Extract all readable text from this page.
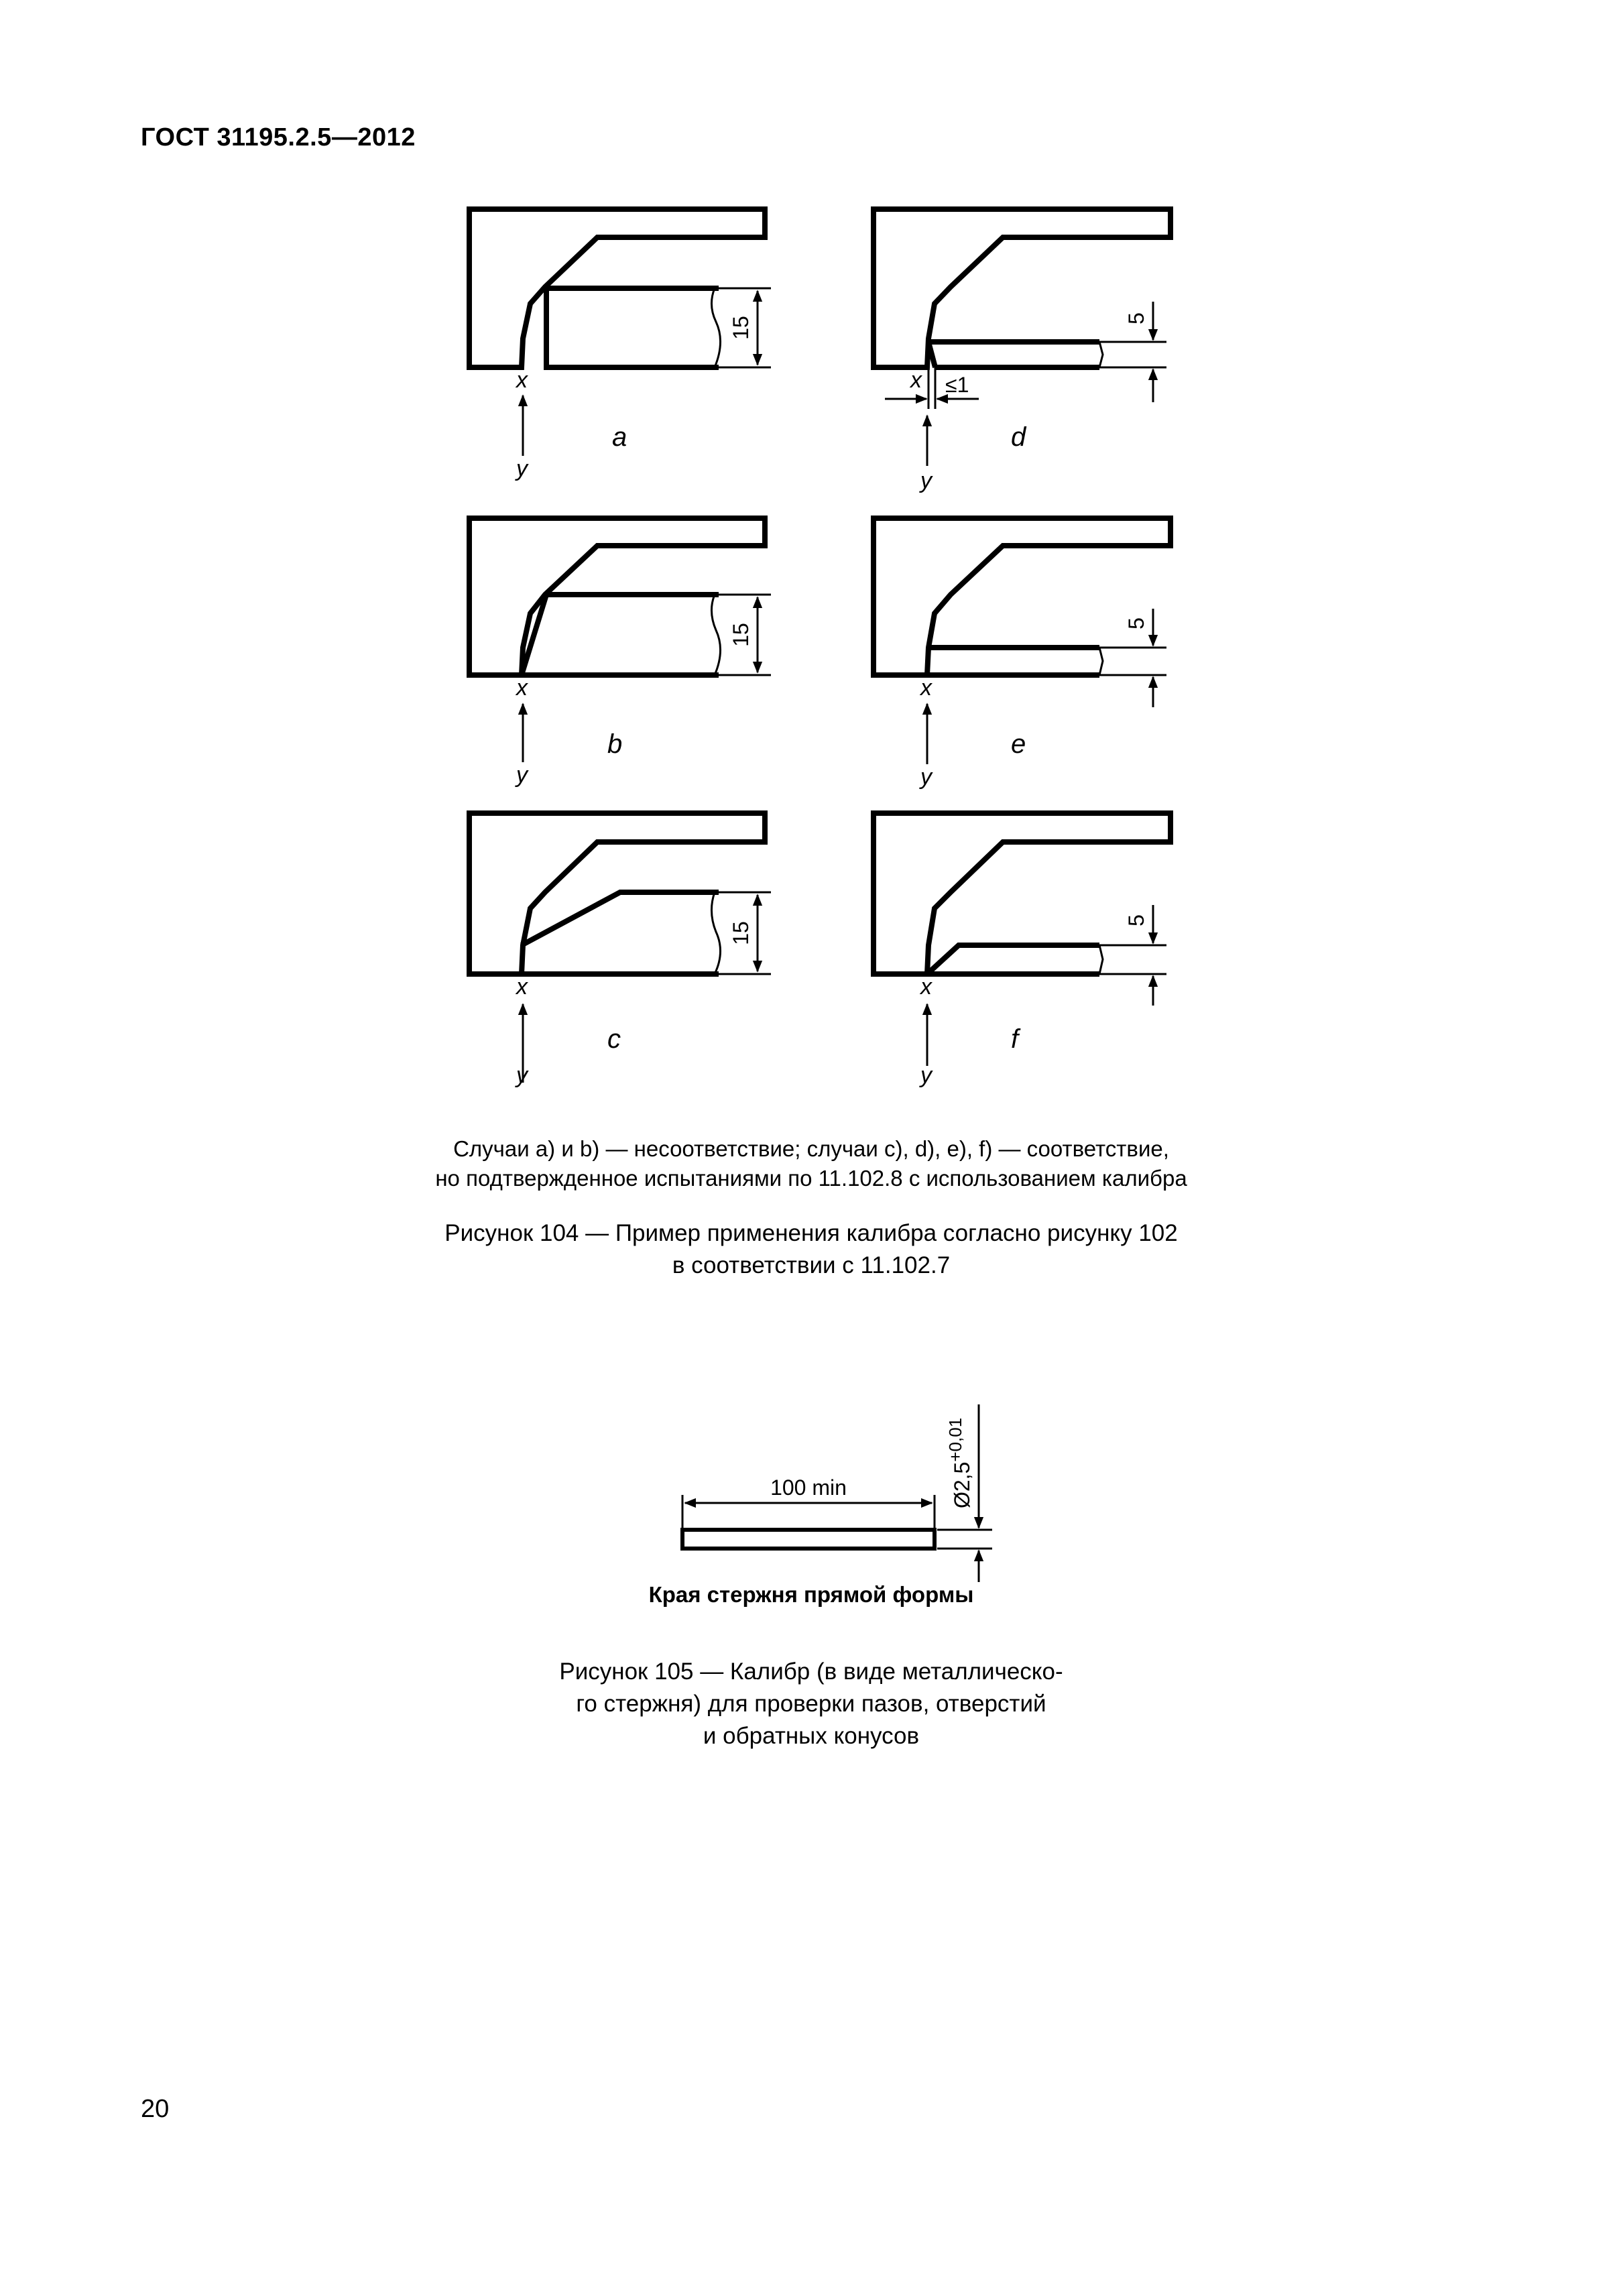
ГОСТ 31195.2.5—2012
15
x
y
a
15
x
y
b
15
x
y
c
5
≤1
x
y
d
5
x
y
e
5
x
y
f
Случаи a) и b) — несоответствие; случаи c), d), e), f) — соответствие,
но подтвержденное испытаниями по 11.102.8 с использованием калибра
Рисунок 104 — Пример применения калибра согласно рисунку 102
в соответствии с 11.102.7
100 min	$Ø2,5^{+0,01}$
Края стержня прямой формы
Рисунок 105 — Калибр (в виде металлическо-
го стержня) для проверки пазов, отверстий
и обратных конусов
20
